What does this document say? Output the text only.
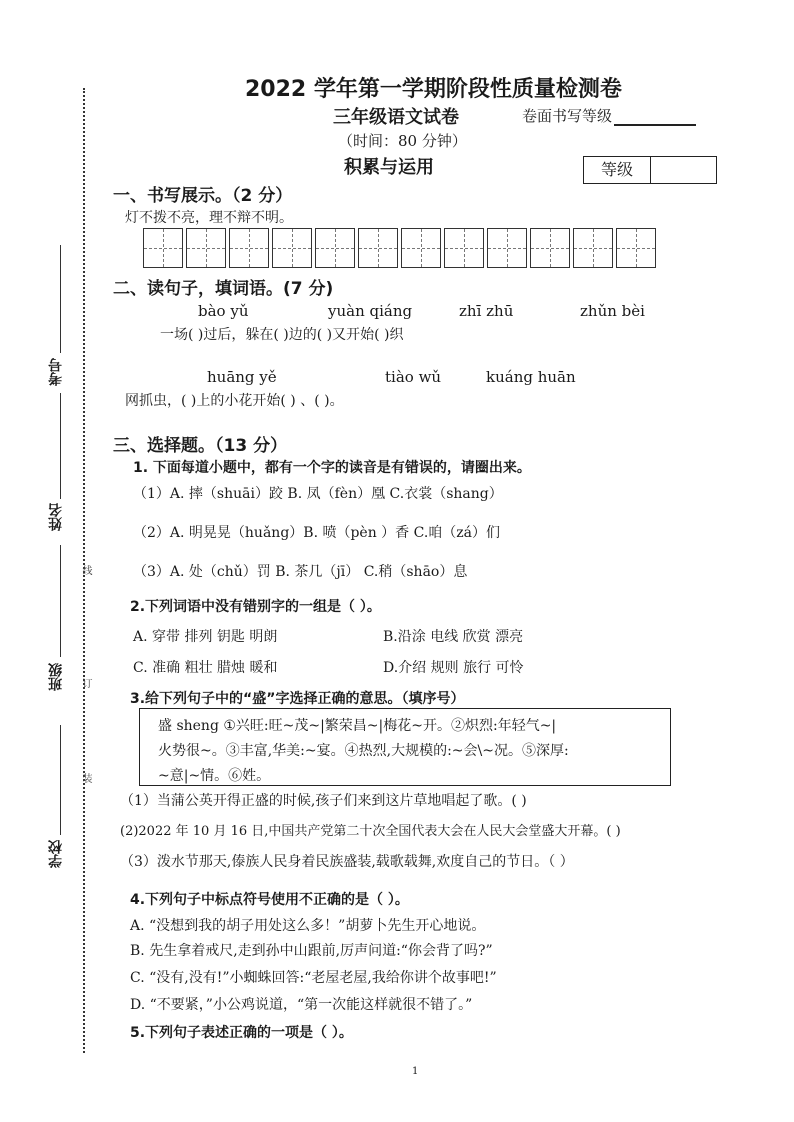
考号
姓名
班级
学校
线
订
装
2022 学年第一学期阶段性质量检测卷
三年级语文试卷	卷面书写等级
（时间：80 分钟）
积累与运用	等级
一、书写展示。（2 分）
灯不拨不亮，理不辩不明。
二、读句子，填词语。(7 分)
bào yǔ	yuàn qiáng	zhī zhū	zhǔn bèi
一场( )过后，躲在( )边的( )又开始( )织
huāng yě	tiào wǔ	kuáng huān
网抓虫，( )上的小花开始( ) 、( )。
三、选择题。（13 分）
1. 下面每道小题中，都有一个字的读音是有错误的，请圈出来。
（1）A. 摔（shuāi）跤 B. 凤（fèn）凰 C.衣裳（shang）
（2）A. 明晃晃（huǎng）B. 喷（pèn ）香 C.咱（zá）们
（3）A. 处（chǔ）罚 B. 茶几（jī） C.稍（shāo）息
2.下列词语中没有错别字的一组是（ ）。
A. 穿带 排列 钥匙 明朗	B.沿涂 电线 欣赏 漂亮
C. 准确 粗壮 腊烛 暖和	D.介绍 规则 旅行 可怜
3.给下列句子中的“盛”字选择正确的意思。（填序号）
盛 sheng ①兴旺:旺~茂~|繁荣昌~|梅花~开。②炽烈:年轻气~|
火势很~。③丰富,华美:~宴。④热烈,大规模的:~会\~况。⑤深厚:
~意|~情。⑥姓。
（1）当蒲公英开得正盛的时候,孩子们来到这片草地唱起了歌。( )
(2)2022 年 10 月 16 日,中国共产党第二十次全国代表大会在人民大会堂盛大开幕。( )
（3）泼水节那天,傣族人民身着民族盛装,载歌载舞,欢度自己的节日。（ ）
4.下列句子中标点符号使用不正确的是（ ）。
A. “没想到我的胡子用处这么多！”胡萝卜先生开心地说。
B. 先生拿着戒尺,走到孙中山跟前,厉声问道:“你会背了吗?”
C. “没有,没有!”小蜘蛛回答:“老屋老屋,我给你讲个故事吧!”
D. “不要紧，”小公鸡说道，“第一次能这样就很不错了。”
5.下列句子表述正确的一项是（ ）。
1
